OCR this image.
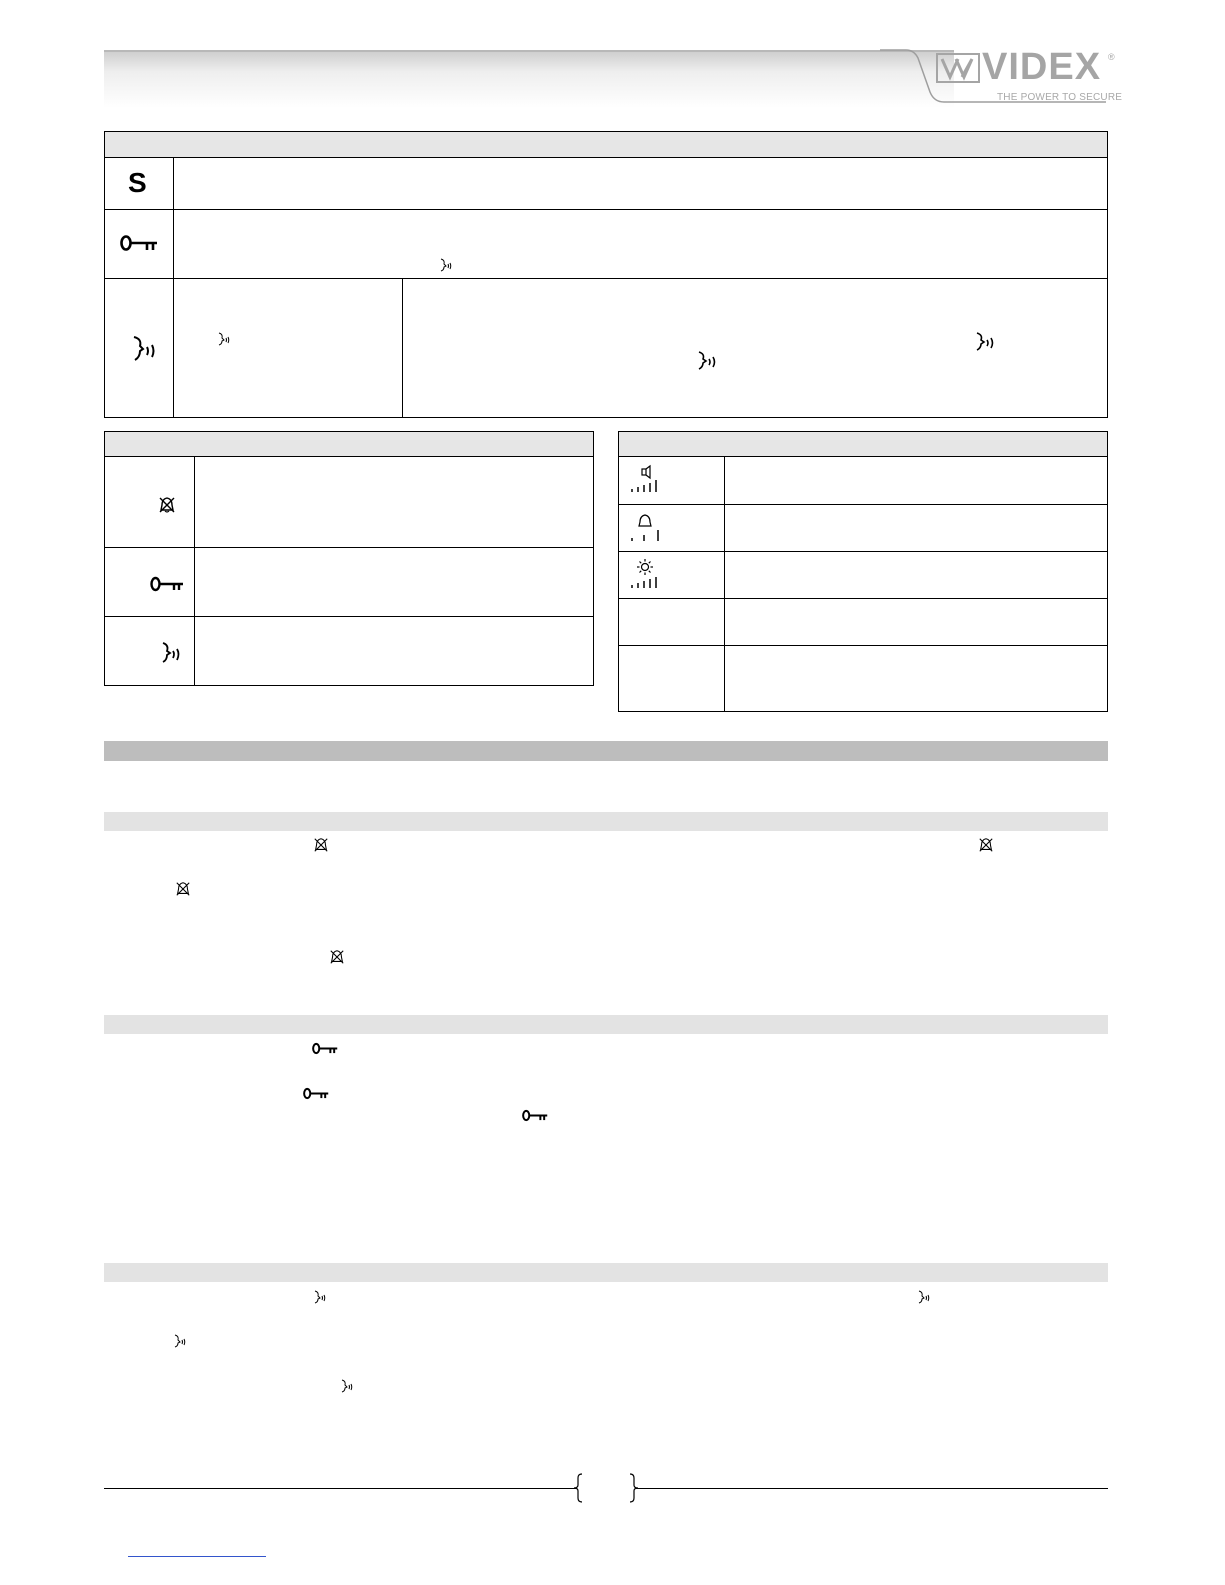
VIDEX ®
THE POWER TO SECURE
S
